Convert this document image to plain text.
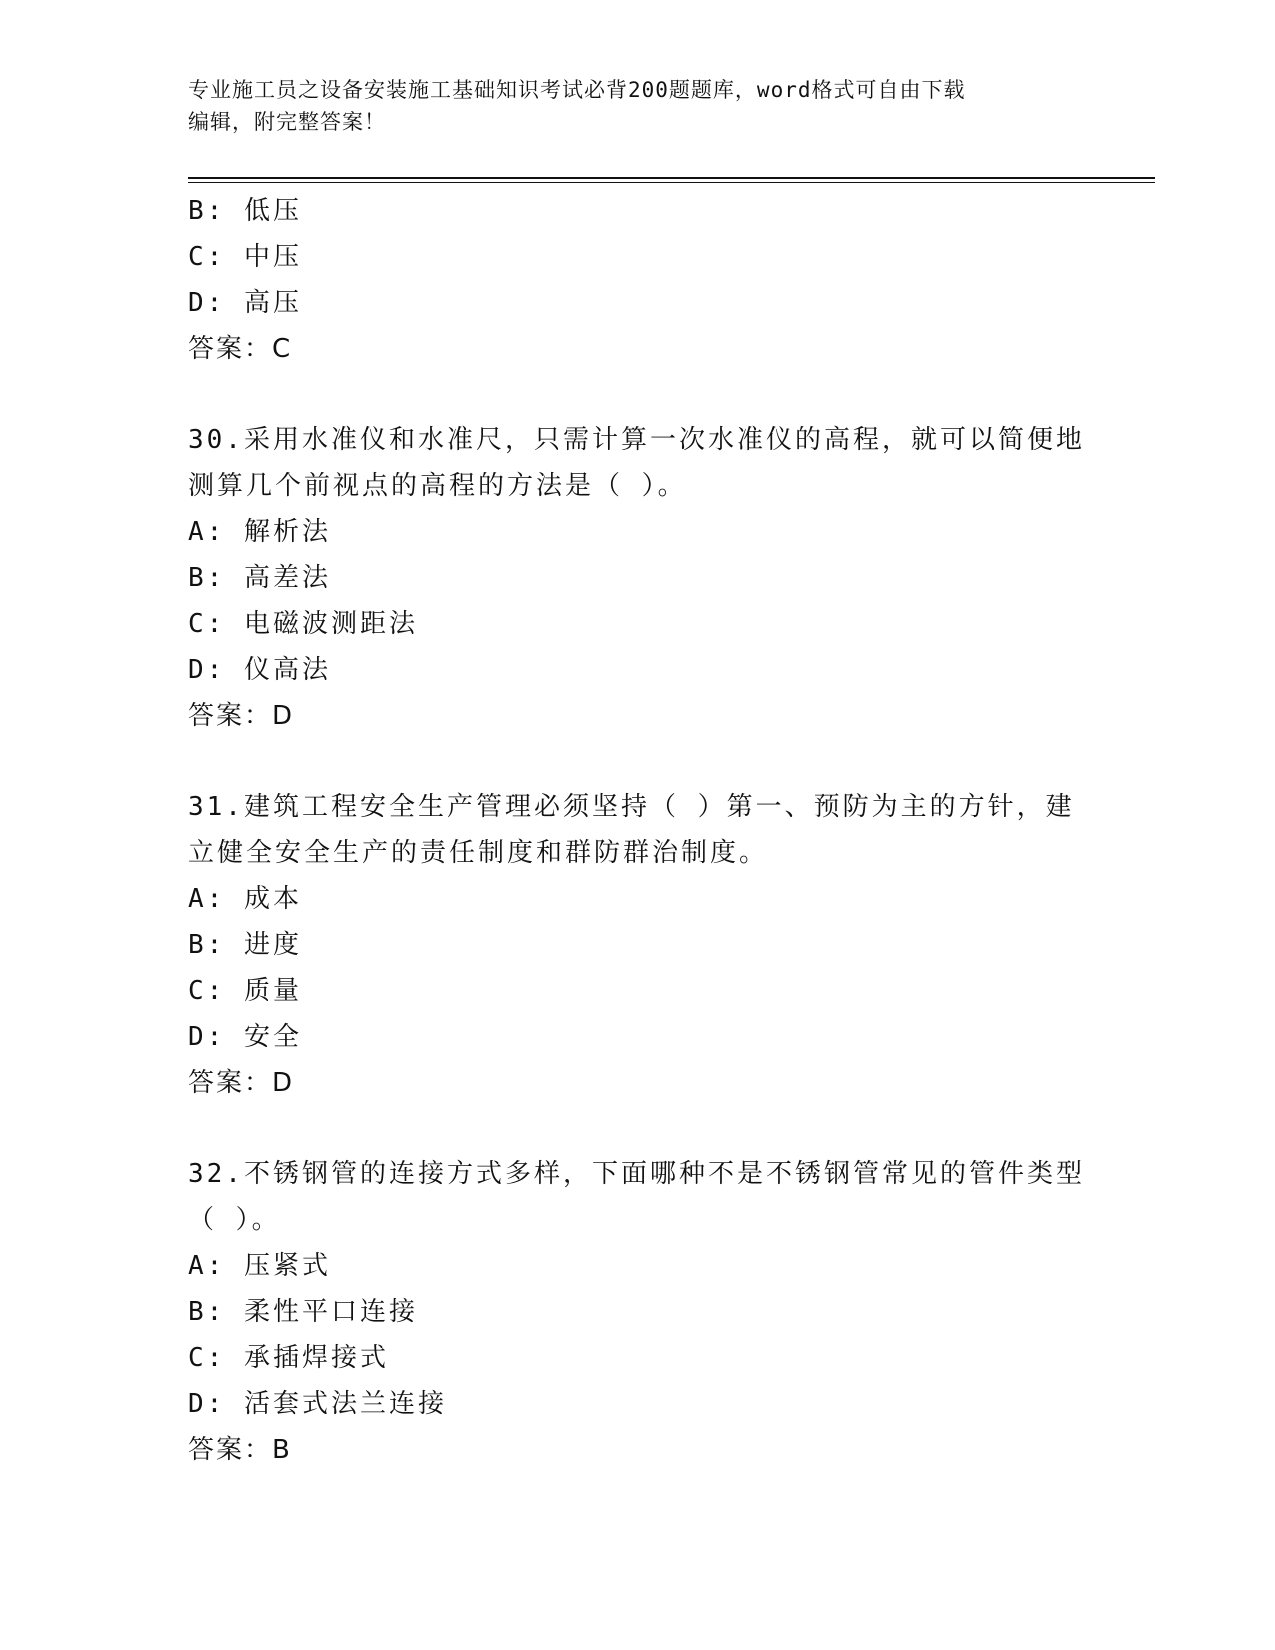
专业施工员之设备安装施工基础知识考试必背200题题库，word格式可自由下载
编辑，附完整答案！
B: 低压
C: 中压
D: 高压
答案：C
30.采用水准仪和水准尺，只需计算一次水准仪的高程，就可以简便地
测算几个前视点的高程的方法是（ ）。
A: 解析法
B: 高差法
C: 电磁波测距法
D: 仪高法
答案：D
31.建筑工程安全生产管理必须坚持（ ）第一、预防为主的方针，建
立健全安全生产的责任制度和群防群治制度。
A: 成本
B: 进度
C: 质量
D: 安全
答案：D
32.不锈钢管的连接方式多样，下面哪种不是不锈钢管常见的管件类型
（ ）。
A: 压紧式
B: 柔性平口连接
C: 承插焊接式
D: 活套式法兰连接
答案：B
